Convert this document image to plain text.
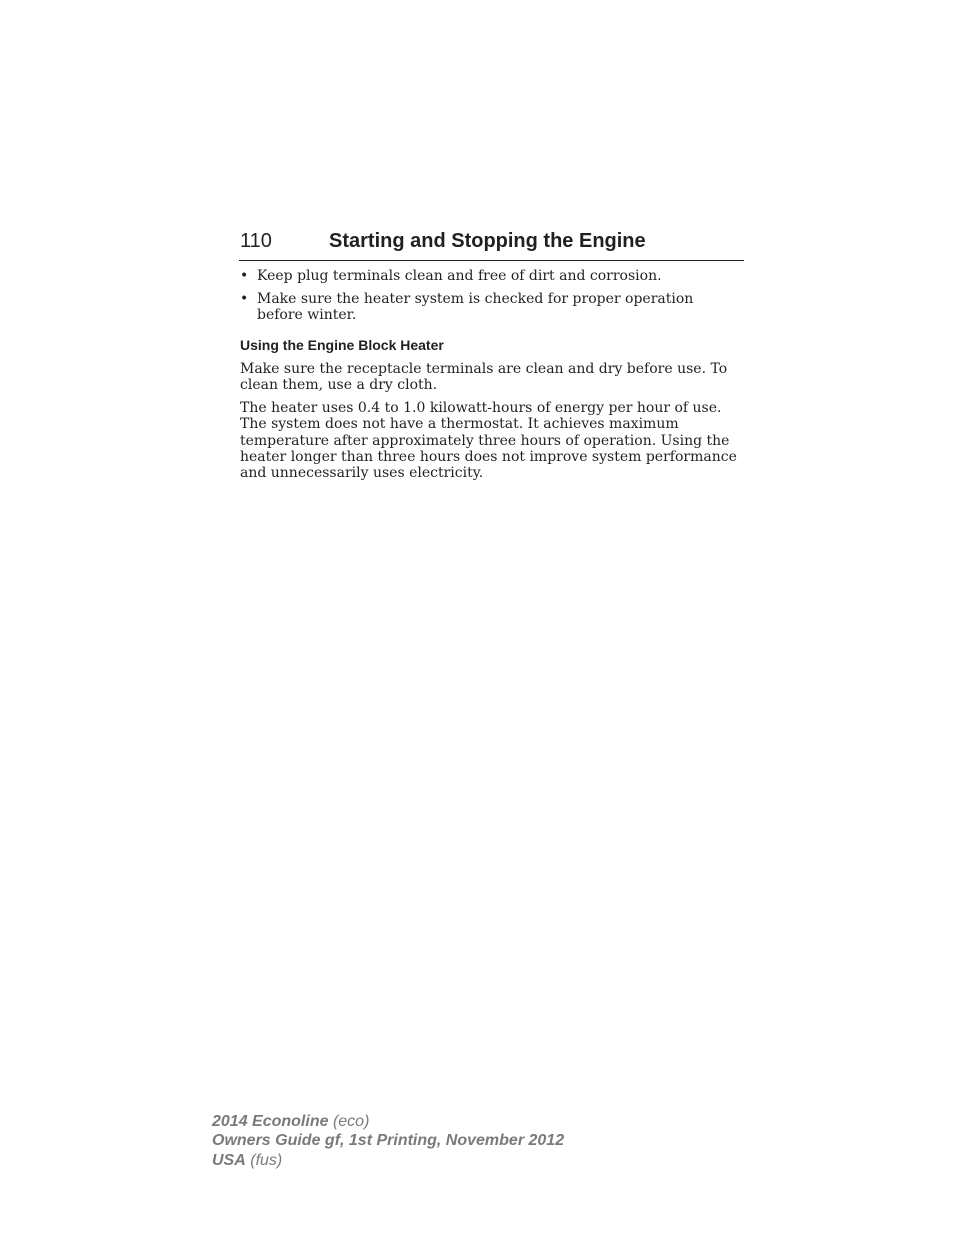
110	Starting and Stopping the Engine
• Keep plug terminals clean and free of dirt and corrosion.
• Make sure the heater system is checked for proper operation before winter.
Using the Engine Block Heater

Make sure the receptacle terminals are clean and dry before use. To clean them, use a dry cloth.

The heater uses 0.4 to 1.0 kilowatt-hours of energy per hour of use. The system does not have a thermostat. It achieves maximum temperature after approximately three hours of operation. Using the heater longer than three hours does not improve system performance and unnecessarily uses electricity.

2014 Econoline (eco)
Owners Guide gf, 1st Printing, November 2012
USA (fus)
